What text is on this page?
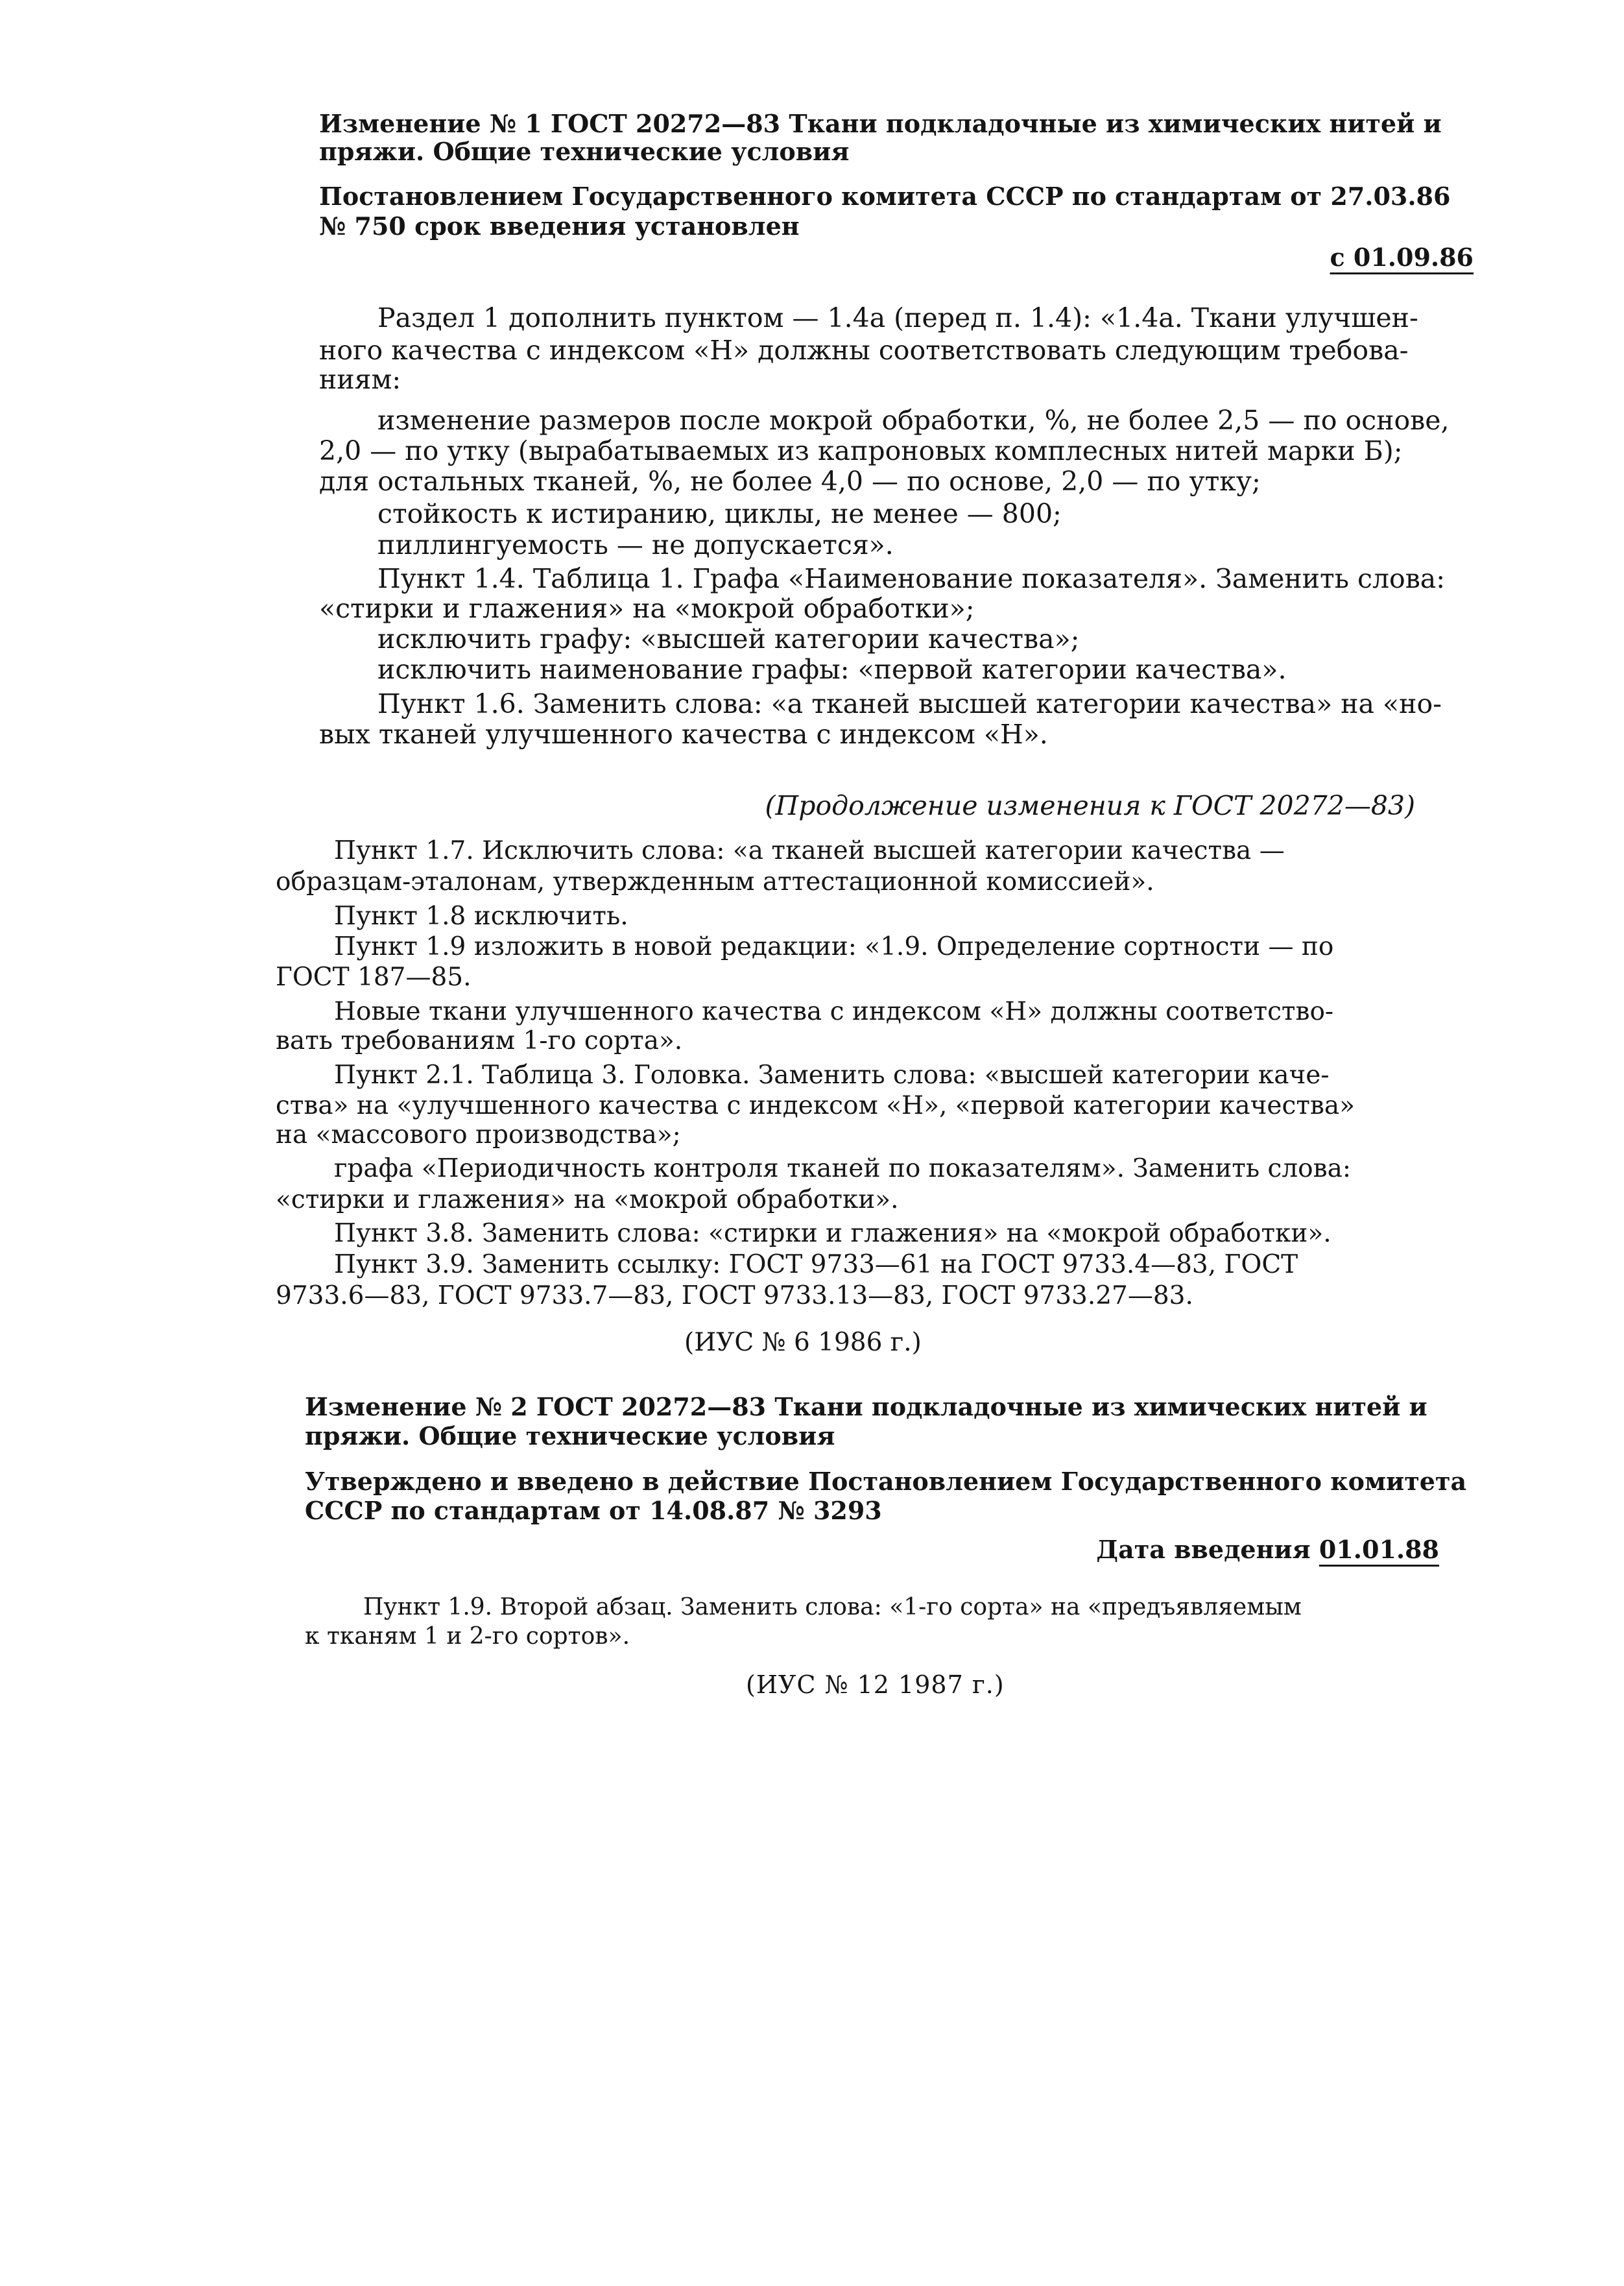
Изменение № 1 ГОСТ 20272—83 Ткани подкладочные из химических нитей и

пряжи. Общие технические условия

Постановлением Государственного комитета СССР по стандартам от 27.03.86

№ 750 срок введения установлен

с 01.09.86

Раздел 1 дополнить пунктом — 1.4а (перед п. 1.4): «1.4а. Ткани улучшен-

ного качества с индексом «Н» должны соответствовать следующим требова-

ниям:

изменение размеров после мокрой обработки, %, не более 2,5 — по основе,

2,0 — по утку (вырабатываемых из капроновых комплесных нитей марки Б);

для остальных тканей, %, не более 4,0 — по основе, 2,0 — по утку;

стойкость к истиранию, циклы, не менее — 800;

пиллингуемость — не допускается».

Пункт 1.4. Таблица 1. Графа «Наименование показателя». Заменить слова:

«стирки и глажения» на «мокрой обработки»;

исключить графу: «высшей категории качества»;

исключить наименование графы: «первой категории качества».

Пункт 1.6. Заменить слова: «а тканей высшей категории качества» на «но-

вых тканей улучшенного качества с индексом «Н».

(Продолжение изменения к ГОСТ 20272—83)

Пункт 1.7. Исключить слова: «а тканей высшей категории качества —

образцам-эталонам, утвержденным аттестационной комиссией».

Пункт 1.8 исключить.

Пункт 1.9 изложить в новой редакции: «1.9. Определение сортности — по

ГОСТ 187—85.

Новые ткани улучшенного качества с индексом «Н» должны соответство-

вать требованиям 1-го сорта».

Пункт 2.1. Таблица 3. Головка. Заменить слова: «высшей категории каче-

ства» на «улучшенного качества с индексом «Н», «первой категории качества»

на «массового производства»;

графа «Периодичность контроля тканей по показателям». Заменить слова:

«стирки и глажения» на «мокрой обработки».

Пункт 3.8. Заменить слова: «стирки и глажения» на «мокрой обработки».

Пункт 3.9. Заменить ссылку: ГОСТ 9733—61 на ГОСТ 9733.4—83, ГОСТ

9733.6—83, ГОСТ 9733.7—83, ГОСТ 9733.13—83, ГОСТ 9733.27—83.

(ИУС № 6 1986 г.)

Изменение № 2 ГОСТ 20272—83 Ткани подкладочные из химических нитей и

пряжи. Общие технические условия

Утверждено и введено в действие Постановлением Государственного комитета

СССР по стандартам от 14.08.87 № 3293

Дата введения 01.01.88

Пункт 1.9. Второй абзац. Заменить слова: «1-го сорта» на «предъявляемым

к тканям 1 и 2-го сортов».

(ИУС № 12 1987 г.)
